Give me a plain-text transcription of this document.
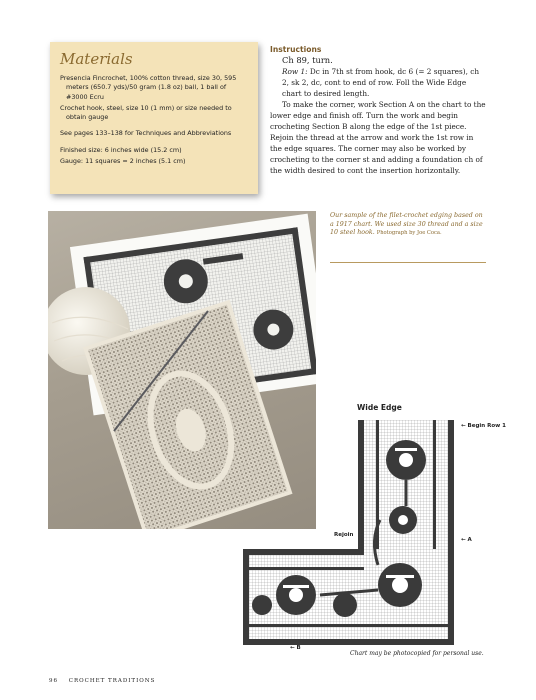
Materials

Presencia Fincrochet, 100% cotton thread, size 30, 595 meters (650.7 yds)/50 gram (1.8 oz) ball, 1 ball of #3000 Ecru

Crochet hook, steel, size 10 (1 mm) or size needed to obtain gauge

See pages 133–138 for Techniques and Abbreviations

Finished size: 6 inches wide (15.2 cm)

Gauge: 11 squares = 2 inches (5.1 cm)

Instructions

Ch 89, turn.

Row 1: Dc in 7th st from hook, dc 6 (= 2 squares), ch 2, sk 2, dc, cont to end of row. Foll the Wide Edge chart to desired length.

To make the corner, work Section A on the chart to the lower edge and finish off. Turn the work and begin crocheting Section B along the edge of the 1st piece. Rejoin the thread at the arrow and work the 1st row in the edge squares. The corner may also be worked by crocheting to the corner st and adding a foundation ch of the width desired to cont the insertion horizontally.

Our sample of the filet-crochet edging based on a 1917 chart. We used size 30 thread and a size 10 steel hook. Photograph by Joe Coca.
Wide Edge
← Begin Row 1
Rejoin
← A
← B
Chart may be photocopied for personal use.
96 CROCHET TRADITIONS
